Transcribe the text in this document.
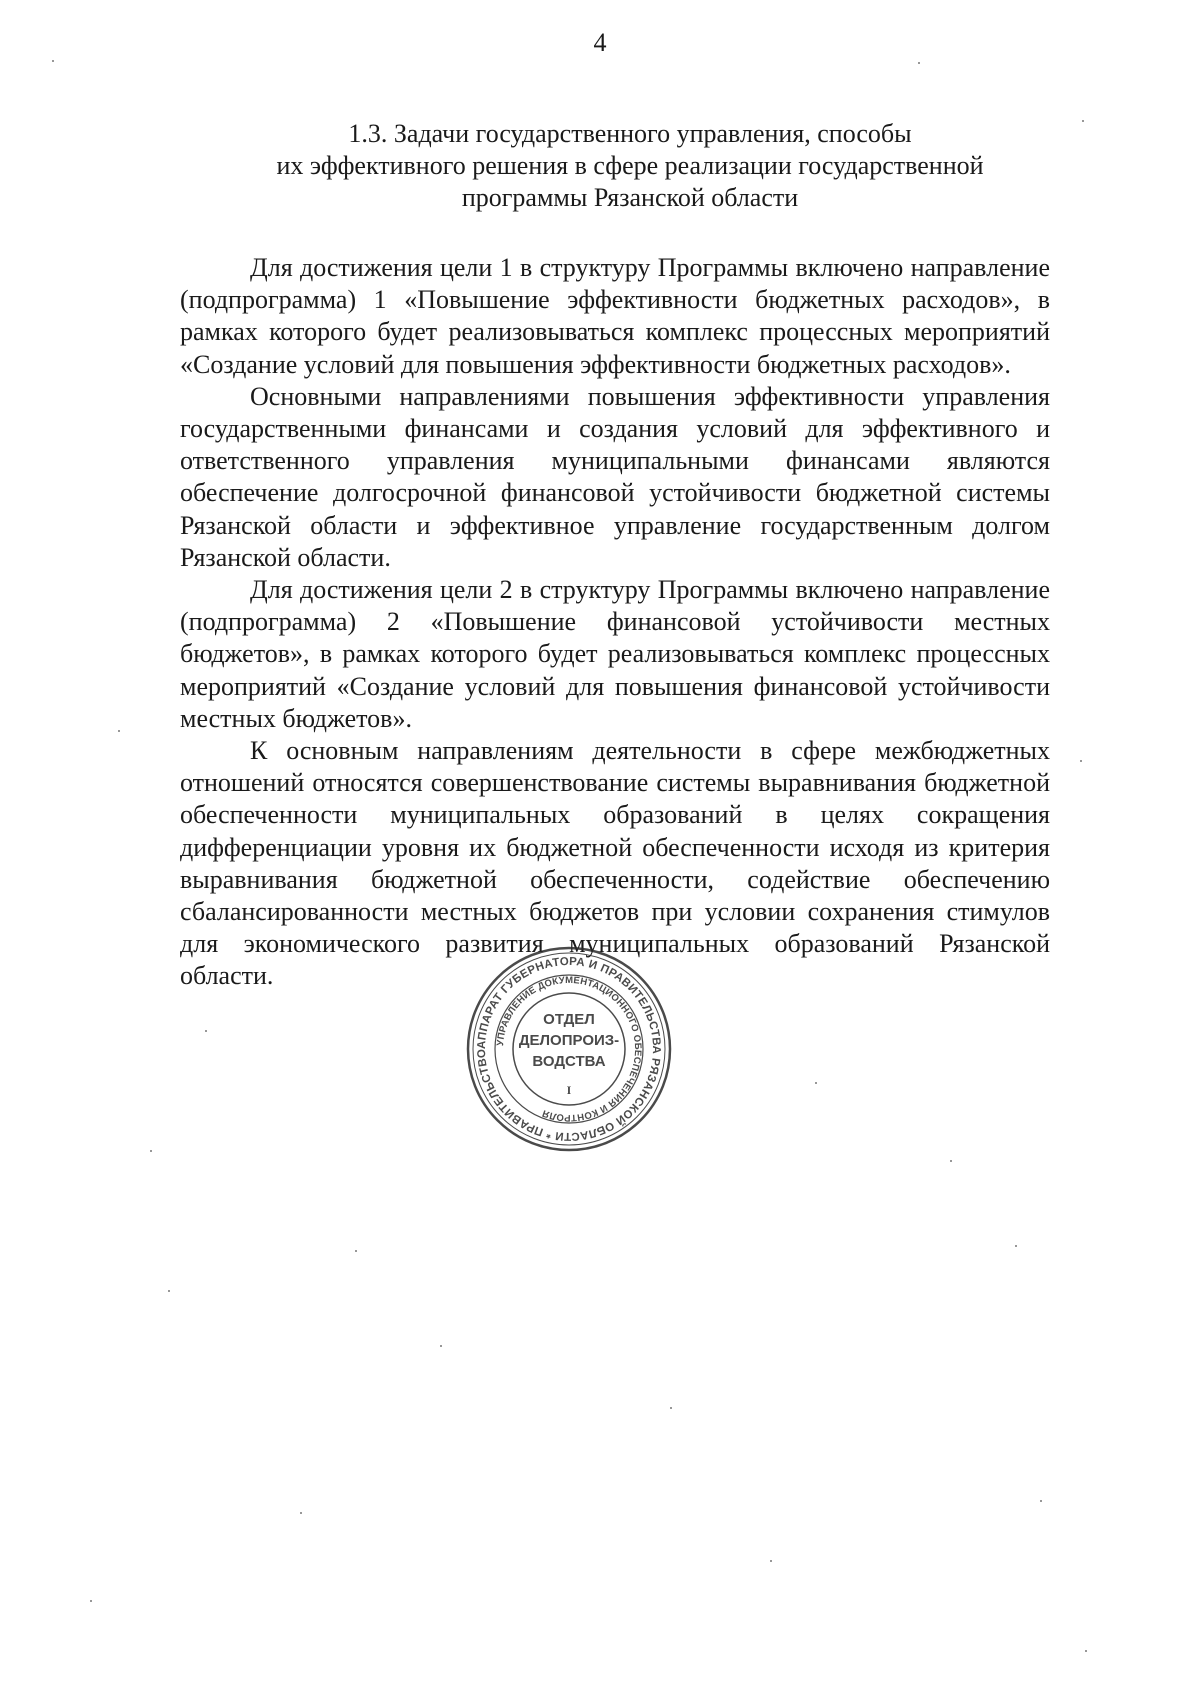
4
1.3. Задачи государственного управления, способы
их эффективного решения в сфере реализации государственной
программы Рязанской области

Для достижения цели 1 в структуру Программы включено направление (подпрограмма) 1 «Повышение эффективности бюджетных расходов», в рамках которого будет реализовываться комплекс процессных мероприятий «Создание условий для повышения эффективности бюджетных расходов».

Основными направлениями повышения эффективности управления государственными финансами и создания условий для эффективного и ответственного управления муниципальными финансами являются обеспечение долгосрочной финансовой устойчивости бюджетной системы Рязанской области и эффективное управление государственным долгом Рязанской области.

Для достижения цели 2 в структуру Программы включено направление (подпрограмма) 2 «Повышение финансовой устойчивости местных бюджетов», в рамках которого будет реализовываться комплекс процессных мероприятий «Создание условий для повышения финансовой устойчивости местных бюджетов».

К основным направлениям деятельности в сфере межбюджетных отношений относятся совершенствование системы выравнивания бюджетной обеспеченности муниципальных образований в целях сокращения дифференциации уровня их бюджетной обеспеченности исходя из критерия выравнивания бюджетной обеспеченности, содействие обеспечению сбалансированности местных бюджетов при условии сохранения стимулов для экономического развития муниципальных образований Рязанской области.

АППАРАТ ГУБЕРНАТОРА И ПРАВИТЕЛЬСТВА РЯЗАНСКОЙ ОБЛАСТИ * ПРАВИТЕЛЬСТВО
УПРАВЛЕНИЕ ДОКУМЕНТАЦИОННОГО ОБЕСПЕЧЕНИЯ И КОНТРОЛЯ
ОТДЕЛ
ДЕЛОПРОИЗ-
ВОДСТВА
I
